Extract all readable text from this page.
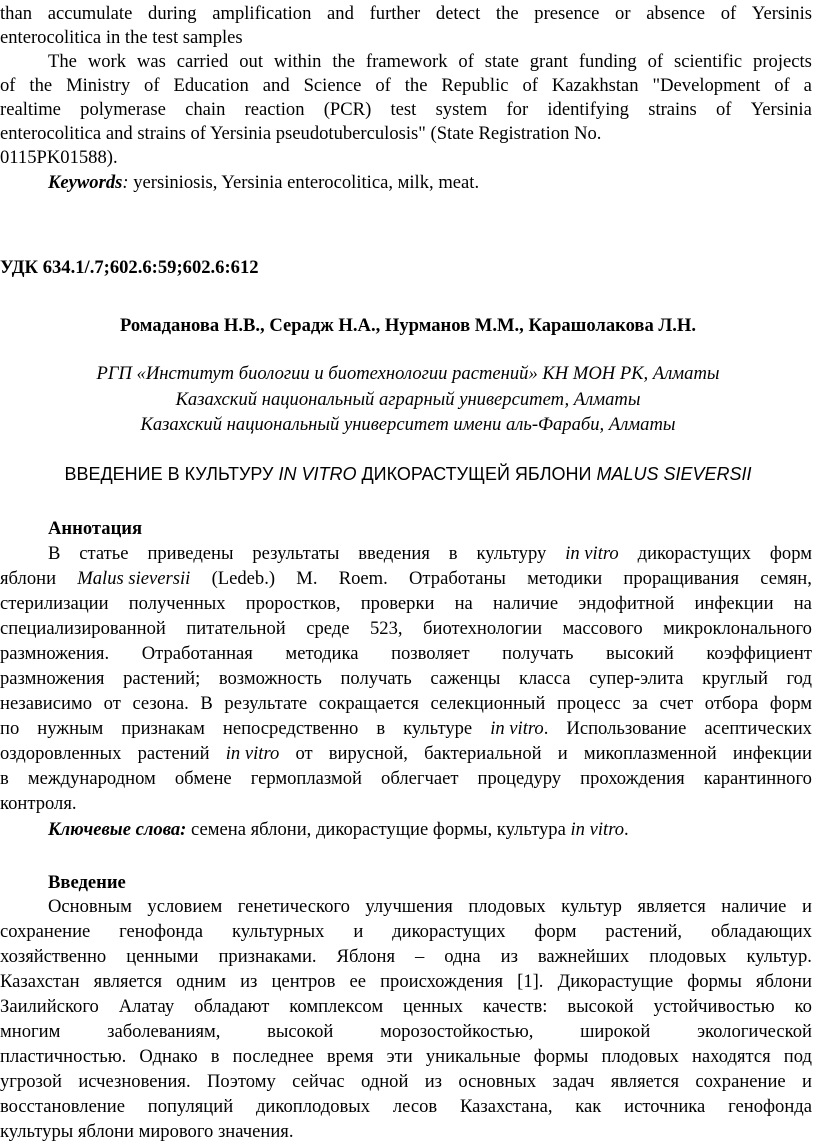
than accumulate during amplification and further detect the presence or absence of Yersinis
enterocolitica in the test samples
The work was carried out within the framework of state grant funding of scientific projects
of the Ministry of Education and Science of the Republic of Kazakhstan "Development of a
realtime polymerase chain reaction (PCR) test system for identifying strains of Yersinia
enterocolitica and strains of Yersinia pseudotuberculosis" (State Registration No.
0115PK01588).
Keywords: yersiniosis, Yersinia enterocolitica, мilk, meat.
УДК 634.1/.7;602.6:59;602.6:612
Ромаданова Н.В., Серадж Н.А., Нурманов М.М., Карашолакова Л.Н.
РГП «Институт биологии и биотехнологии растений» КН МОН РК, Алматы
Казахский национальный аграрный университет, Алматы
Казахский национальный университет имени аль-Фараби, Алматы
ВВЕДЕНИЕ В КУЛЬТУРУ IN VITRO ДИКОРАСТУЩЕЙ ЯБЛОНИ MALUS SIEVERSII
Аннотация
В статье приведены результаты введения в культуру in vitro дикорастущих форм
яблони Malus sieversii (Ledeb.) M. Roem. Отработаны методики проращивания семян,
стерилизации полученных проростков, проверки на наличие эндофитной инфекции на
специализированной питательной среде 523, биотехнологии массового микроклонального
размножения. Отработанная методика позволяет получать высокий коэффициент
размножения растений; возможность получать саженцы класса супер-элита круглый год
независимо от сезона. В результате сокращается селекционный процесс за счет отбора форм
по нужным признакам непосредственно в культуре in vitro. Использование асептических
оздоровленных растений in vitro от вирусной, бактериальной и микоплазменной инфекции
в международном обмене гермоплазмой облегчает процедуру прохождения карантинного
контроля.
Ключевые слова: семена яблони, дикорастущие формы, культура in vitro.
Введение
Основным условием генетического улучшения плодовых культур является наличие и
сохранение генофонда культурных и дикорастущих форм растений, обладающих
хозяйственно ценными признаками. Яблоня – одна из важнейших плодовых культур.
Казахстан является одним из центров ее происхождения [1]. Дикорастущие формы яблони
Заилийского Алатау обладают комплексом ценных качеств: высокой устойчивостью ко
многим	заболеваниям,	высокой	морозостойкостью,	широкой	экологической
пластичностью. Однако в последнее время эти уникальные формы плодовых находятся под
угрозой исчезновения. Поэтому сейчас одной из основных задач является сохранение и
восстановление популяций дикоплодовых лесов Казахстана, как источника генофонда
культуры яблони мирового значения.
